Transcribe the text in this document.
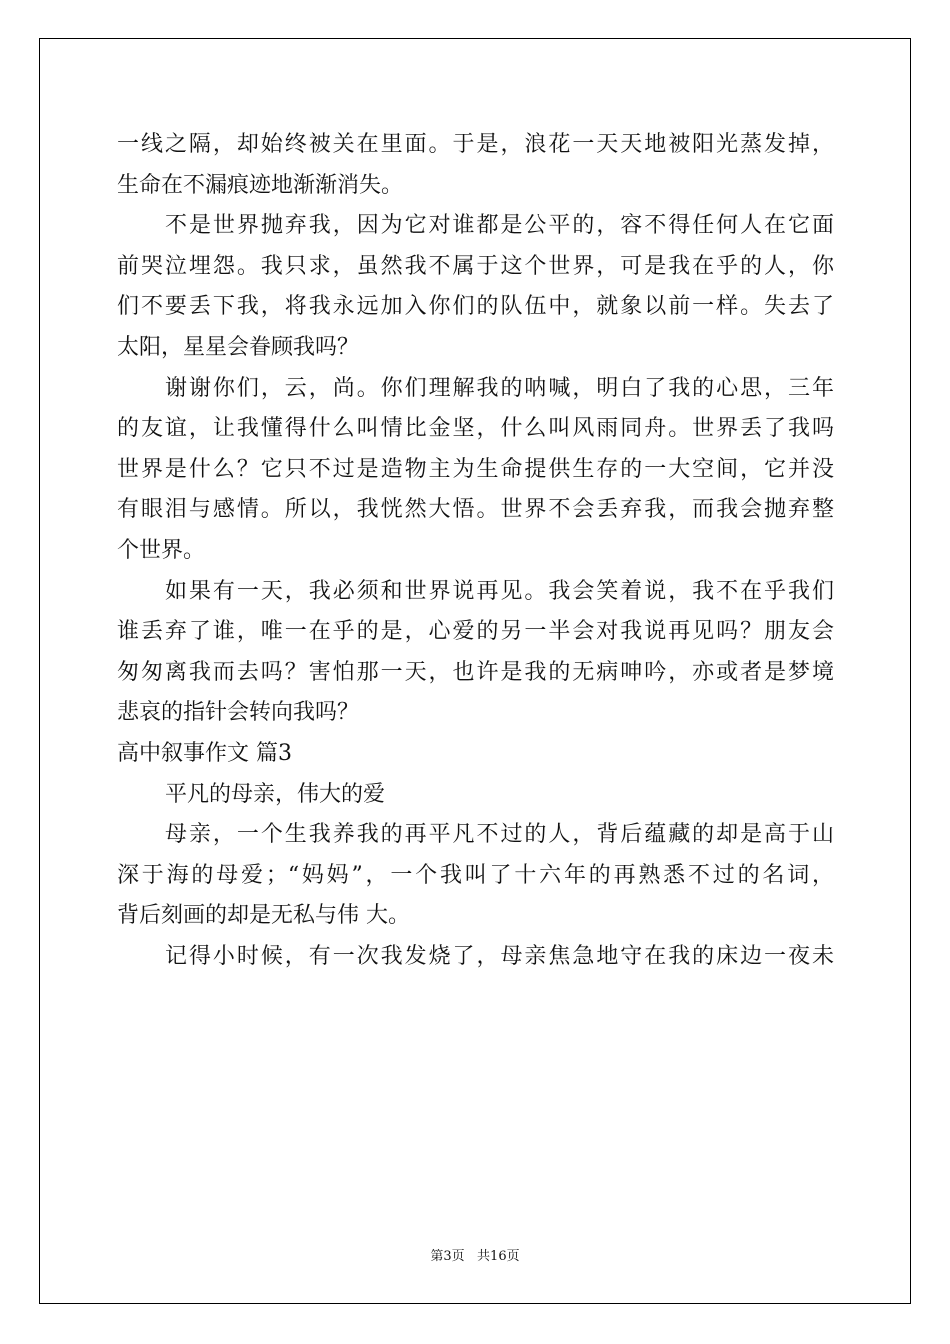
一线之隔，却始终被关在里面。于是，浪花一天天地被阳光蒸发掉，
生命在不漏痕迹地渐渐消失。
不是世界抛弃我，因为它对谁都是公平的，容不得任何人在它面
前哭泣埋怨。我只求，虽然我不属于这个世界，可是我在乎的人，你
们不要丢下我，将我永远加入你们的队伍中，就象以前一样。失去了
太阳，星星会眷顾我吗？
谢谢你们，云，尚。你们理解我的呐喊，明白了我的心思，三年
的友谊，让我懂得什么叫情比金坚，什么叫风雨同舟。世界丢了我吗
世界是什么？它只不过是造物主为生命提供生存的一大空间，它并没
有眼泪与感情。所以，我恍然大悟。世界不会丢弃我，而我会抛弃整
个世界。
如果有一天，我必须和世界说再见。我会笑着说，我不在乎我们
谁丢弃了谁，唯一在乎的是，心爱的另一半会对我说再见吗？朋友会
匆匆离我而去吗？害怕那一天，也许是我的无病呻吟，亦或者是梦境
悲哀的指针会转向我吗？
高中叙事作文 篇3
平凡的母亲，伟大的爱
母亲，一个生我养我的再平凡不过的人，背后蕴藏的却是高于山
深于海的母爱；“妈妈”，一个我叫了十六年的再熟悉不过的名词，
背后刻画的却是无私与伟 大。
记得小时候，有一次我发烧了，母亲焦急地守在我的床边一夜未
第3页   共16页
